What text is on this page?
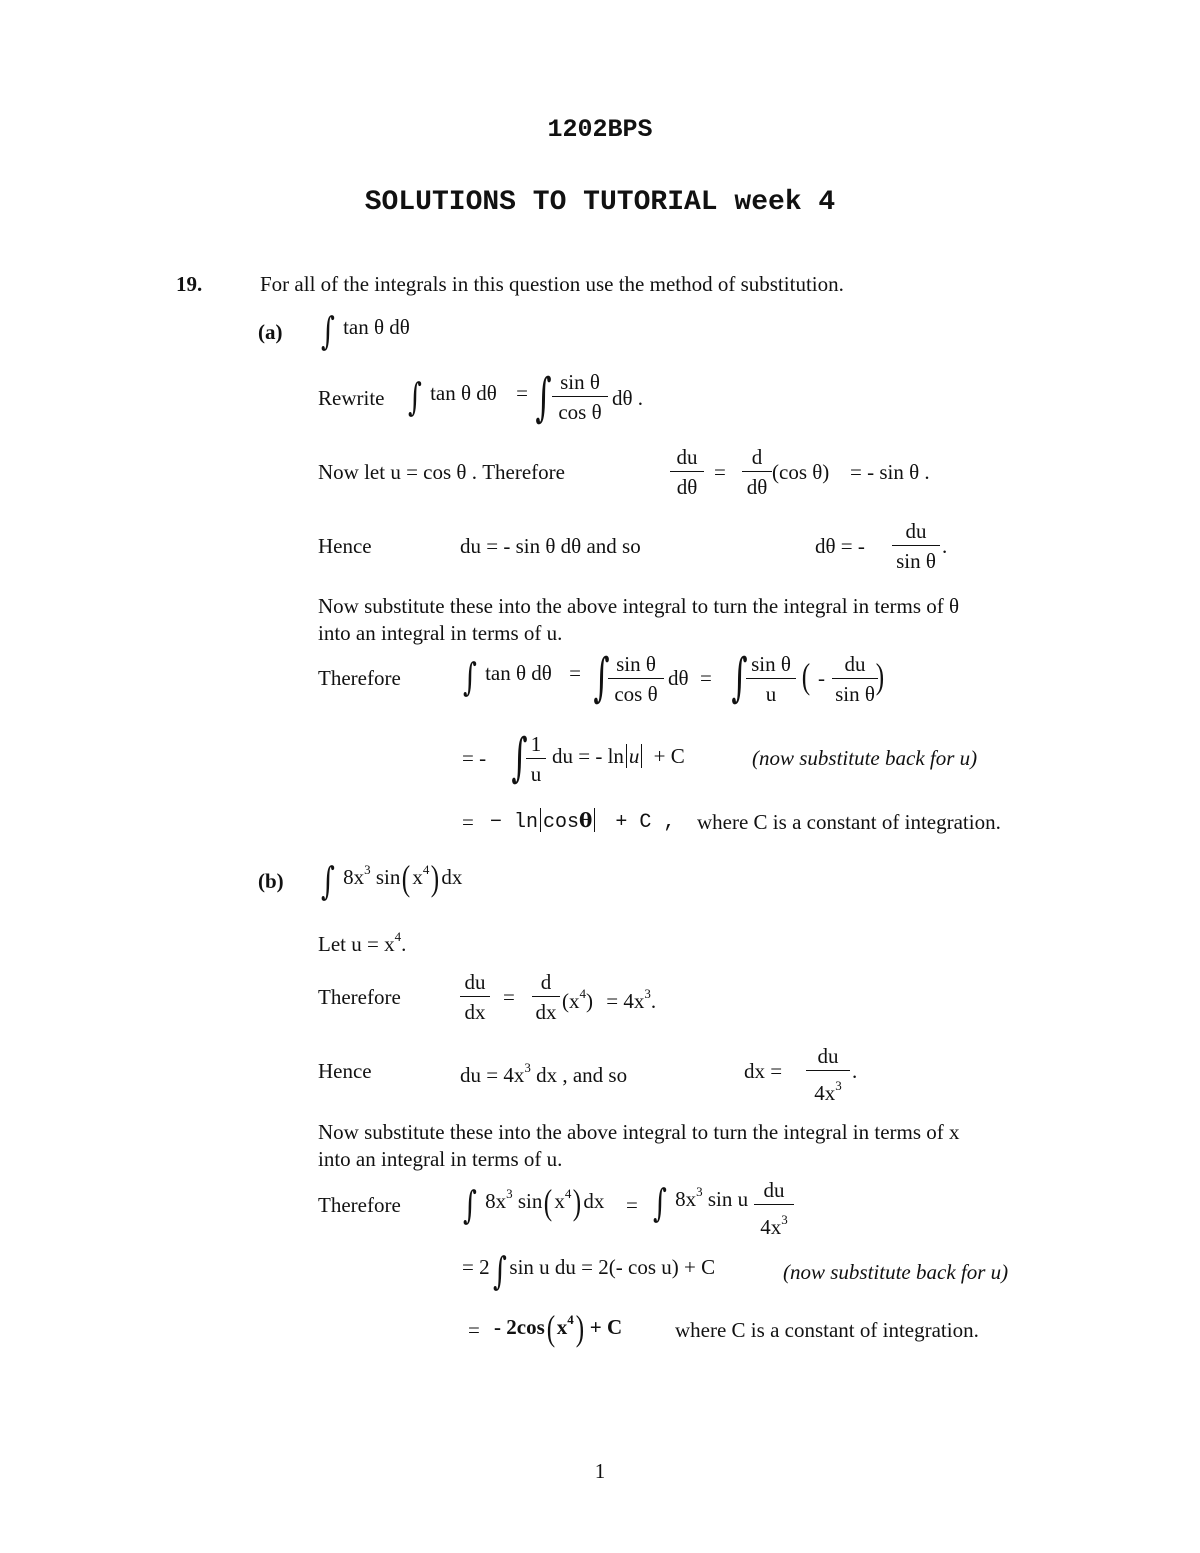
1202BPS
SOLUTIONS TO TUTORIAL week 4
19.	For all of the integrals in this question use the method of substitution.
(a) ∫ tan θ dθ
Rewrite ∫ tan θ dθ = ∫ sin θ
cos θ
dθ .
Now let u = cos θ . Therefore
du
dθ
=
d
dθ
(cos θ) = - sin θ .
Hence	du = - sin θ dθ and so	dθ = -
du
sin θ
.
Now substitute these into the above integral to turn the integral in terms of θ
into an integral in terms of u.
Therefore ∫ tan θ dθ = ∫ sin θ
cos θ
dθ = ∫ sin θ
u ( -
du
sin θ )
= - ∫ 1
u
du = - ln u + C	(now substitute back for u)
= − ln cosθ + C , where C is a constant of integration.
(b) ∫ $8x^3$ $\sin(x^4)dx$
Let $u = x^4$.
Therefore
du
dx
=
d
dx $(x^4) = 4x^3$.
Hence	du = $4x^3$ dx , and so	dx =
du
$4x^3$
.
Now substitute these into the above integral to turn the integral in terms of x
into an integral in terms of u.
Therefore ∫ $8x^3$ $\sin(x^4)dx$ = ∫ $8x^3$ sin u du
$4x^3$
= 2∫ sin u du = 2(- cos u) + C	(now substitute back for u)
= - $2\cos(x^4) + C$	where C is a constant of integration.
1
